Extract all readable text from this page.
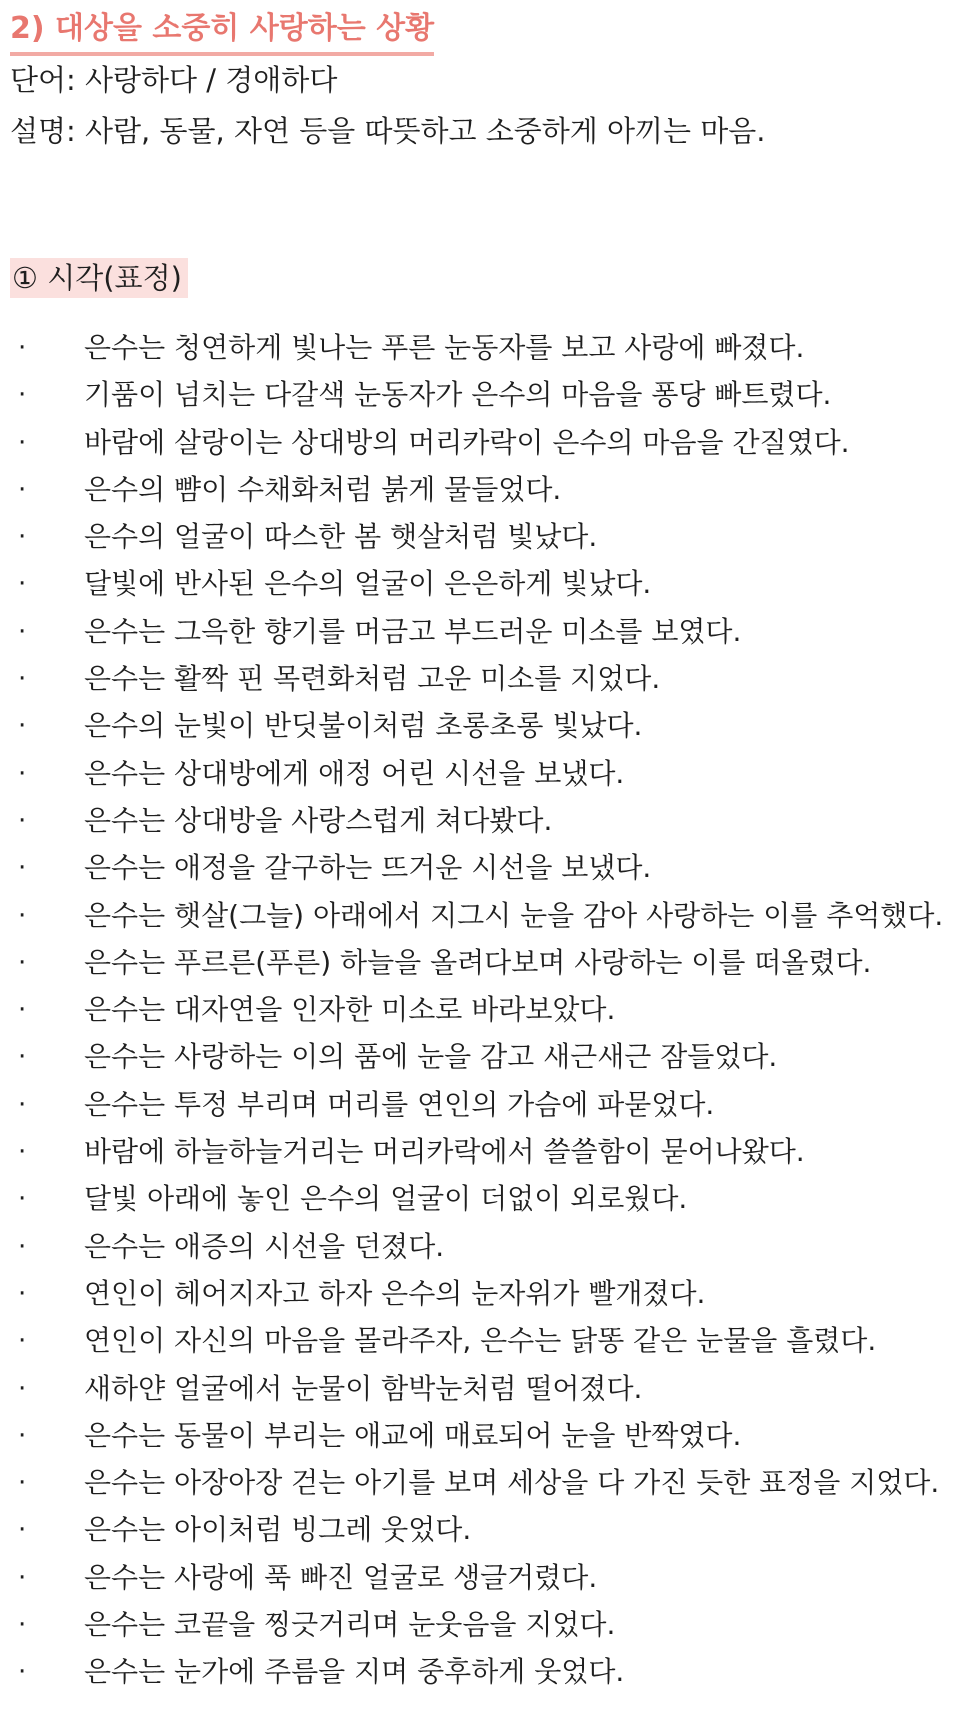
2) 대상을 소중히 사랑하는 상황
단어: 사랑하다 / 경애하다
설명: 사람, 동물, 자연 등을 따뜻하고 소중하게 아끼는 마음.
① 시각(표정)
· 은수는 청연하게 빛나는 푸른 눈동자를 보고 사랑에 빠졌다.
· 기품이 넘치는 다갈색 눈동자가 은수의 마음을 퐁당 빠트렸다.
· 바람에 살랑이는 상대방의 머리카락이 은수의 마음을 간질였다.
· 은수의 뺨이 수채화처럼 붉게 물들었다.
· 은수의 얼굴이 따스한 봄 햇살처럼 빛났다.
· 달빛에 반사된 은수의 얼굴이 은은하게 빛났다.
· 은수는 그윽한 향기를 머금고 부드러운 미소를 보였다.
· 은수는 활짝 핀 목련화처럼 고운 미소를 지었다.
· 은수의 눈빛이 반딧불이처럼 초롱초롱 빛났다.
· 은수는 상대방에게 애정 어린 시선을 보냈다.
· 은수는 상대방을 사랑스럽게 쳐다봤다.
· 은수는 애정을 갈구하는 뜨거운 시선을 보냈다.
· 은수는 햇살(그늘) 아래에서 지그시 눈을 감아 사랑하는 이를 추억했다.
· 은수는 푸르른(푸른) 하늘을 올려다보며 사랑하는 이를 떠올렸다.
· 은수는 대자연을 인자한 미소로 바라보았다.
· 은수는 사랑하는 이의 품에 눈을 감고 새근새근 잠들었다.
· 은수는 투정 부리며 머리를 연인의 가슴에 파묻었다.
· 바람에 하늘하늘거리는 머리카락에서 쓸쓸함이 묻어나왔다.
· 달빛 아래에 놓인 은수의 얼굴이 더없이 외로웠다.
· 은수는 애증의 시선을 던졌다.
· 연인이 헤어지자고 하자 은수의 눈자위가 빨개졌다.
· 연인이 자신의 마음을 몰라주자, 은수는 닭똥 같은 눈물을 흘렸다.
· 새하얀 얼굴에서 눈물이 함박눈처럼 떨어졌다.
· 은수는 동물이 부리는 애교에 매료되어 눈을 반짝였다.
· 은수는 아장아장 걷는 아기를 보며 세상을 다 가진 듯한 표정을 지었다.
· 은수는 아이처럼 빙그레 웃었다.
· 은수는 사랑에 푹 빠진 얼굴로 생글거렸다.
· 은수는 코끝을 찡긋거리며 눈웃음을 지었다.
· 은수는 눈가에 주름을 지며 중후하게 웃었다.
